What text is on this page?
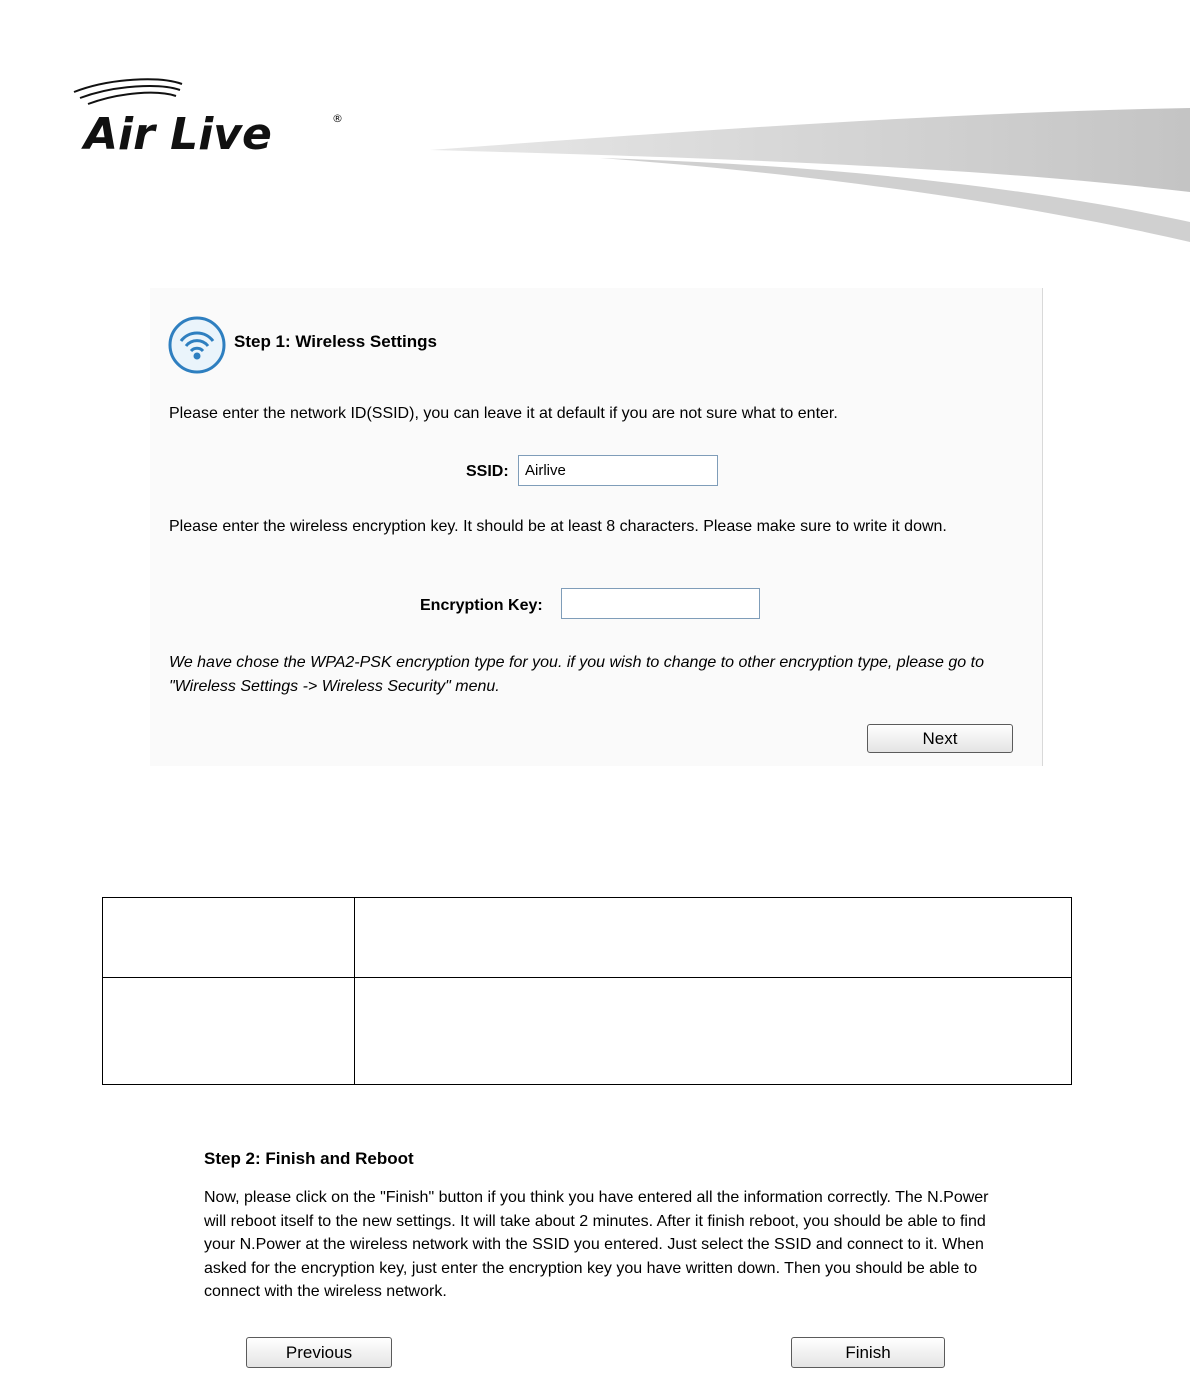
Air Live	®
Step 1: Wireless Settings
Please enter the network ID(SSID), you can leave it at default if you are not sure what to enter.
SSID:
Airlive
Please enter the wireless encryption key. It should be at least 8 characters. Please make sure to write it down.
Encryption Key:
We have chose the WPA2-PSK encryption type for you. if you wish to change to other encryption type, please go to "Wireless Settings -> Wireless Security" menu.
Next

Step 2: Finish and Reboot
Now, please click on the "Finish" button if you think you have entered all the information correctly. The N.Power will reboot itself to the new settings. It will take about 2 minutes. After it finish reboot, you should be able to find your N.Power at the wireless network with the SSID you entered. Just select the SSID and connect to it. When asked for the encryption key, just enter the encryption key you have written down. Then you should be able to connect with the wireless network.
Previous	Finish
